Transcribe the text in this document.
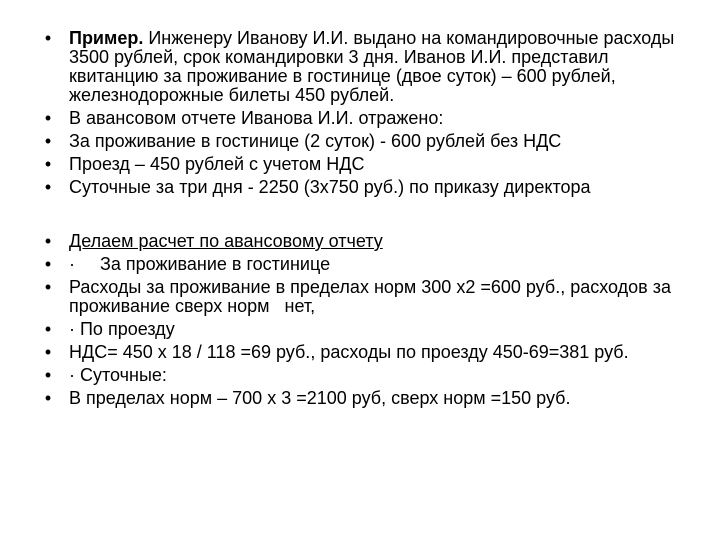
• Пример. Инженеру Иванову И.И. выдано на командировочные расходы 3500 рублей, срок командировки 3 дня. Иванов И.И. представил квитанцию за проживание в гостинице (двое суток) – 600 рублей, железнодорожные билеты 450 рублей.
• В авансовом отчете Иванова И.И. отражено:
• За проживание в гостинице (2 суток) - 600 рублей без НДС
• Проезд – 450 рублей с учетом НДС
• Суточные за три дня - 2250 (3х750 руб.) по приказу директора
• Делаем расчет по авансовому отчету
• ·     За проживание в гостинице
• Расходы за проживание в пределах норм 300 х2 =600 руб., расходов за проживание сверх норм   нет,
• · По проезду
• НДС= 450 х 18 / 118 =69 руб., расходы по проезду 450-69=381 руб.
• · Суточные:
• В пределах норм – 700 х 3 =2100 руб, сверх норм =150 руб.
